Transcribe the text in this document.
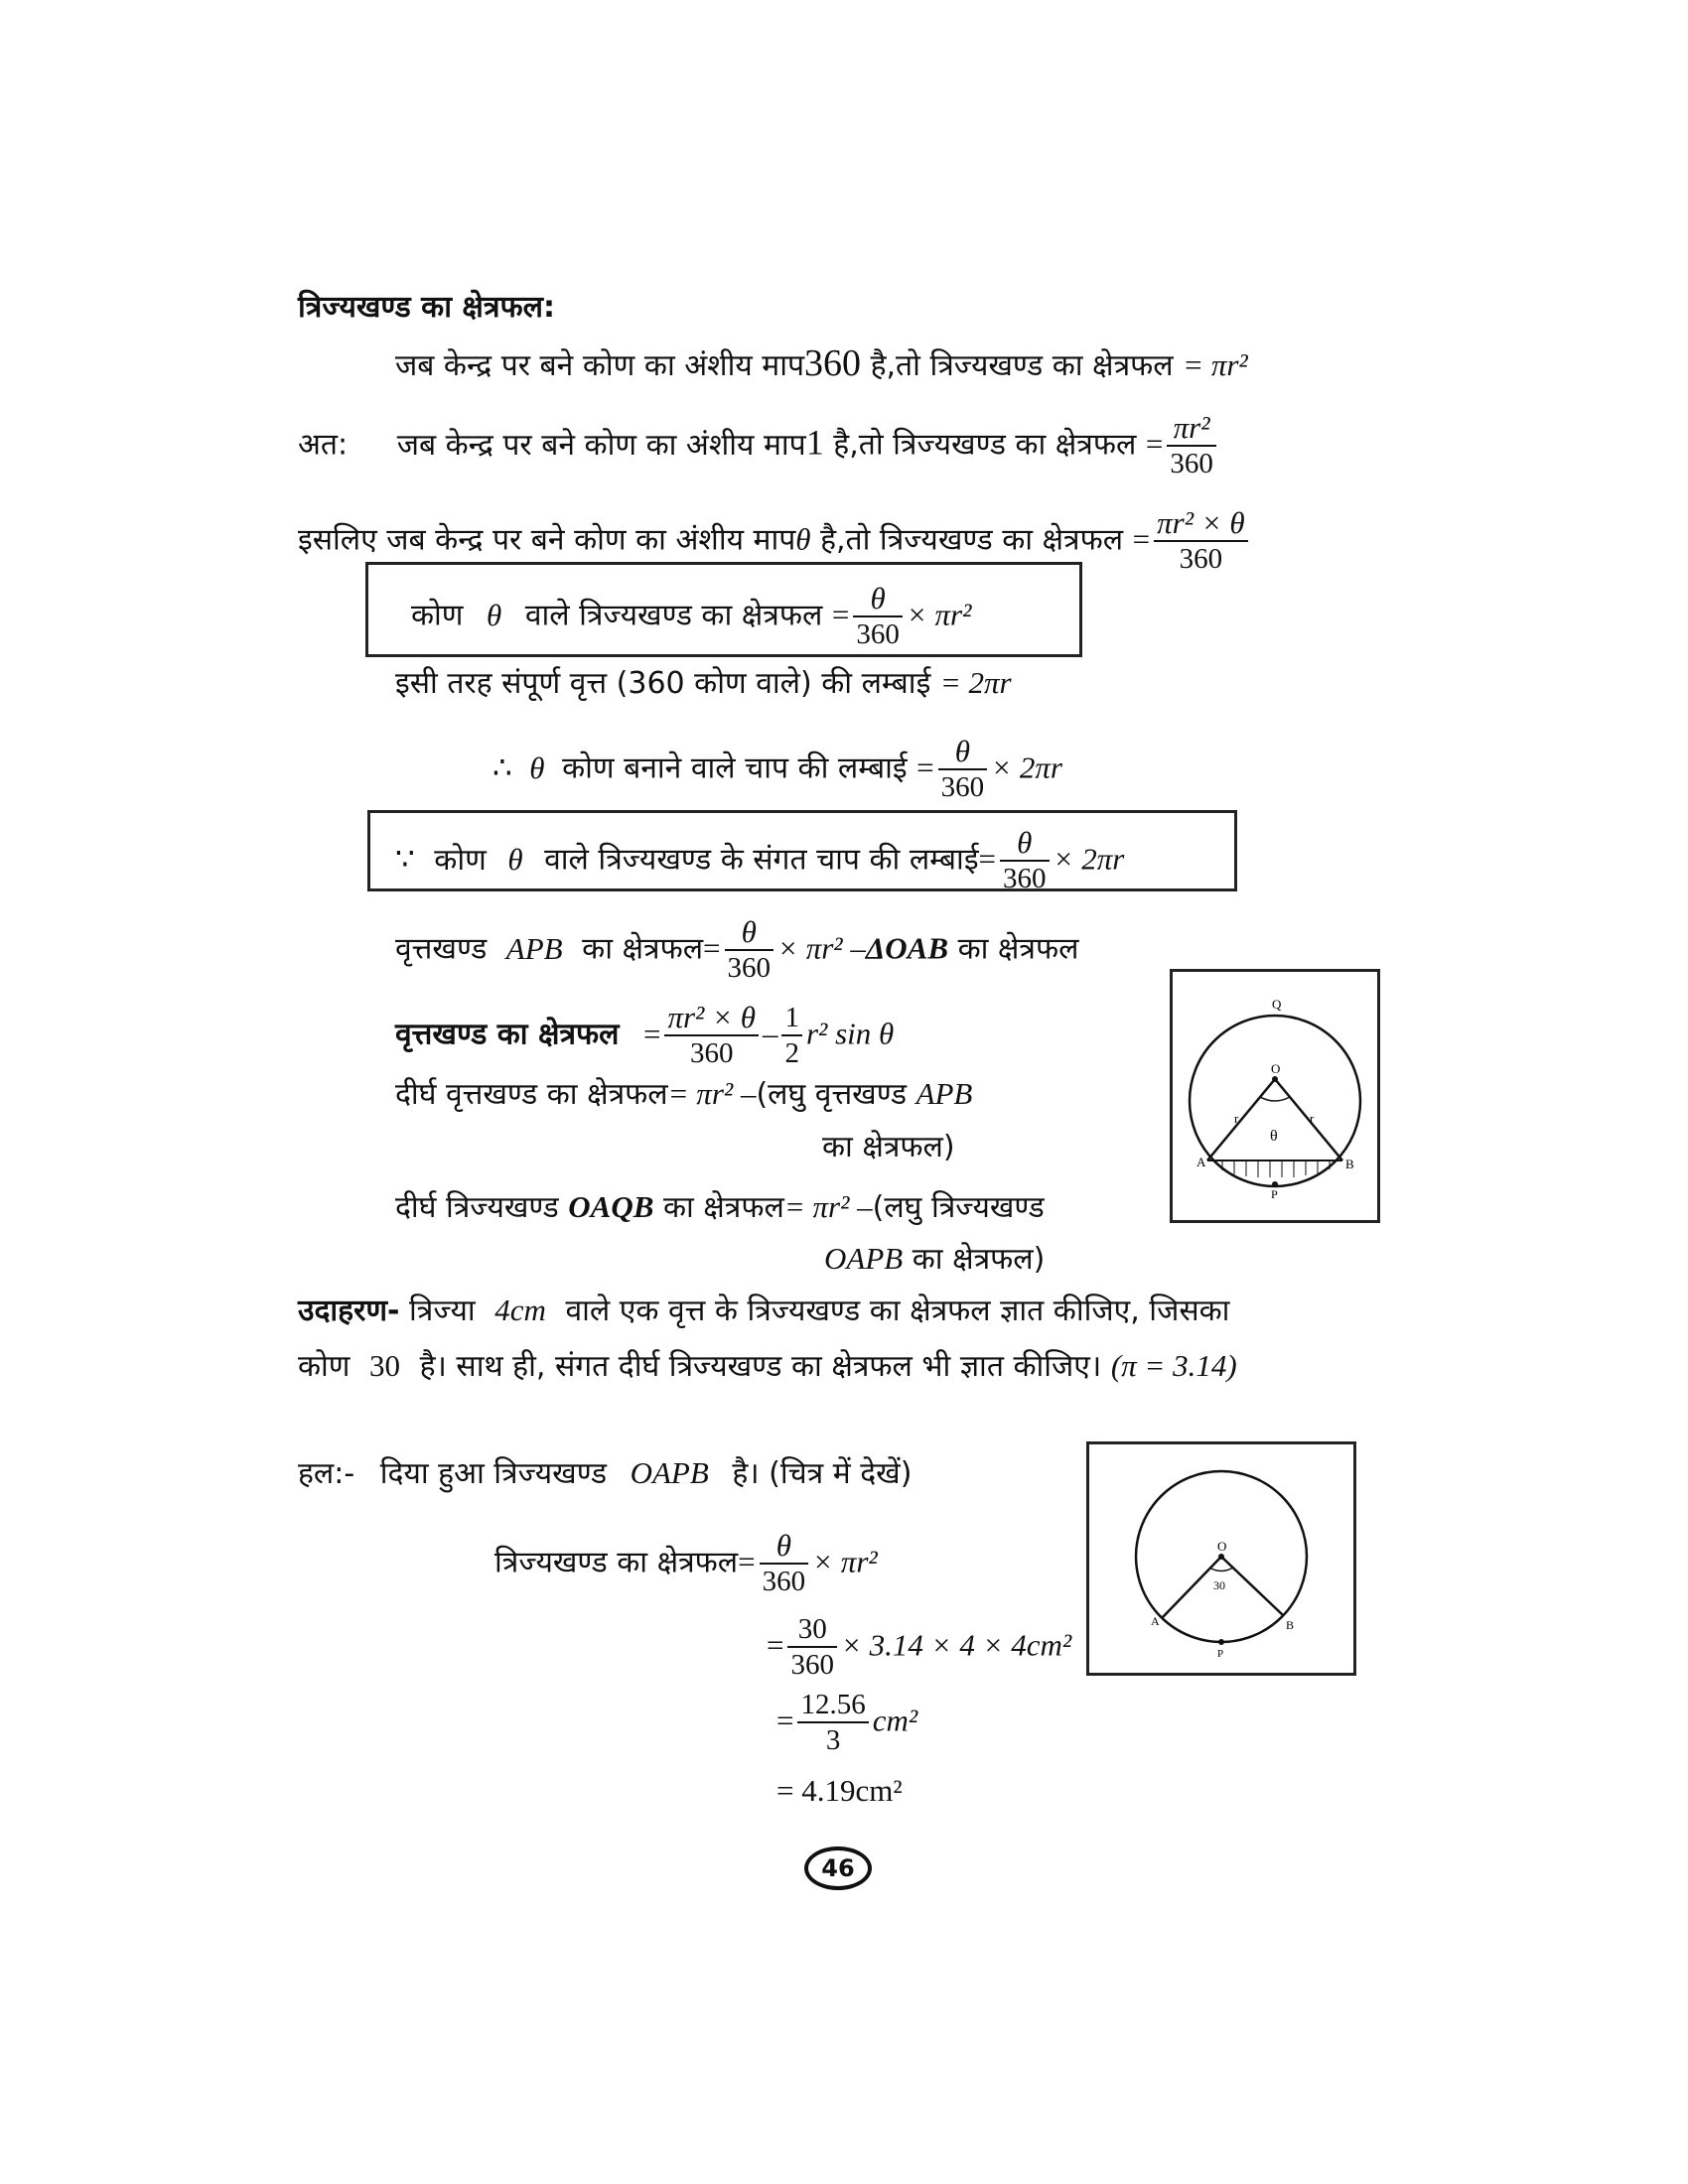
त्रिज्यखण्ड का क्षेत्रफल:
जब केन्द्र पर बने कोण का अंशीय माप360 है,तो त्रिज्यखण्ड का क्षेत्रफल = πr²
अत: जब केन्द्र पर बने कोण का अंशीय माप1 है,तो त्रिज्यखण्ड का क्षेत्रफल = $\frac{\text{πr²}}{360}$
इसलिए जब केन्द्र पर बने कोण का अंशीय मापθ है,तो त्रिज्यखण्ड का क्षेत्रफल = $\frac{\text{πr² × θ}}{360}$
कोण θ वाले त्रिज्यखण्ड का क्षेत्रफल = $\frac{\theta}{360} \times \pi r^2$
इसी तरह संपूर्ण वृत्त (360 कोण वाले) की लम्बाई = 2πr
∴ θ कोण बनाने वाले चाप की लम्बाई = $\frac{\theta}{360} \times 2\pi r$
∵ कोण θ वाले त्रिज्यखण्ड के संगत चाप की लम्बाई= $\frac{\theta}{360} \times 2\pi r$
वृत्तखण्ड APB का क्षेत्रफल= $\frac{\theta}{360} \times \pi r^2$ –ΔOAB का क्षेत्रफल
वृत्तखण्ड का क्षेत्रफल = $\frac{\text{πr² × θ}}{360} - \frac{1}{2} r^2$ sin θ
दीर्घ वृत्तखण्ड का क्षेत्रफल= πr² –(लघु वृत्तखण्ड APB
का क्षेत्रफल)
दीर्घ त्रिज्यखण्ड OAQB का क्षेत्रफल= πr² –(लघु त्रिज्यखण्ड
OAPB का क्षेत्रफल)
Q
O
r	r
θ
A	B
P
उदाहरण- त्रिज्या 4cm वाले एक वृत्त के त्रिज्यखण्ड का क्षेत्रफल ज्ञात कीजिए, जिसका
कोण 30 है। साथ ही, संगत दीर्घ त्रिज्यखण्ड का क्षेत्रफल भी ज्ञात कीजिए। (π = 3.14)
हल:- दिया हुआ त्रिज्यखण्ड OAPB है। (चित्र में देखें)
त्रिज्यखण्ड का क्षेत्रफल= $\frac{\theta}{360} \times \pi r^2$
= $\frac{30}{360} \times 3.14 \times 4 \times 4cm^2$
= $\frac{12.56}{3} cm^2$
= 4.19cm²
O
30
A	B
P
46
